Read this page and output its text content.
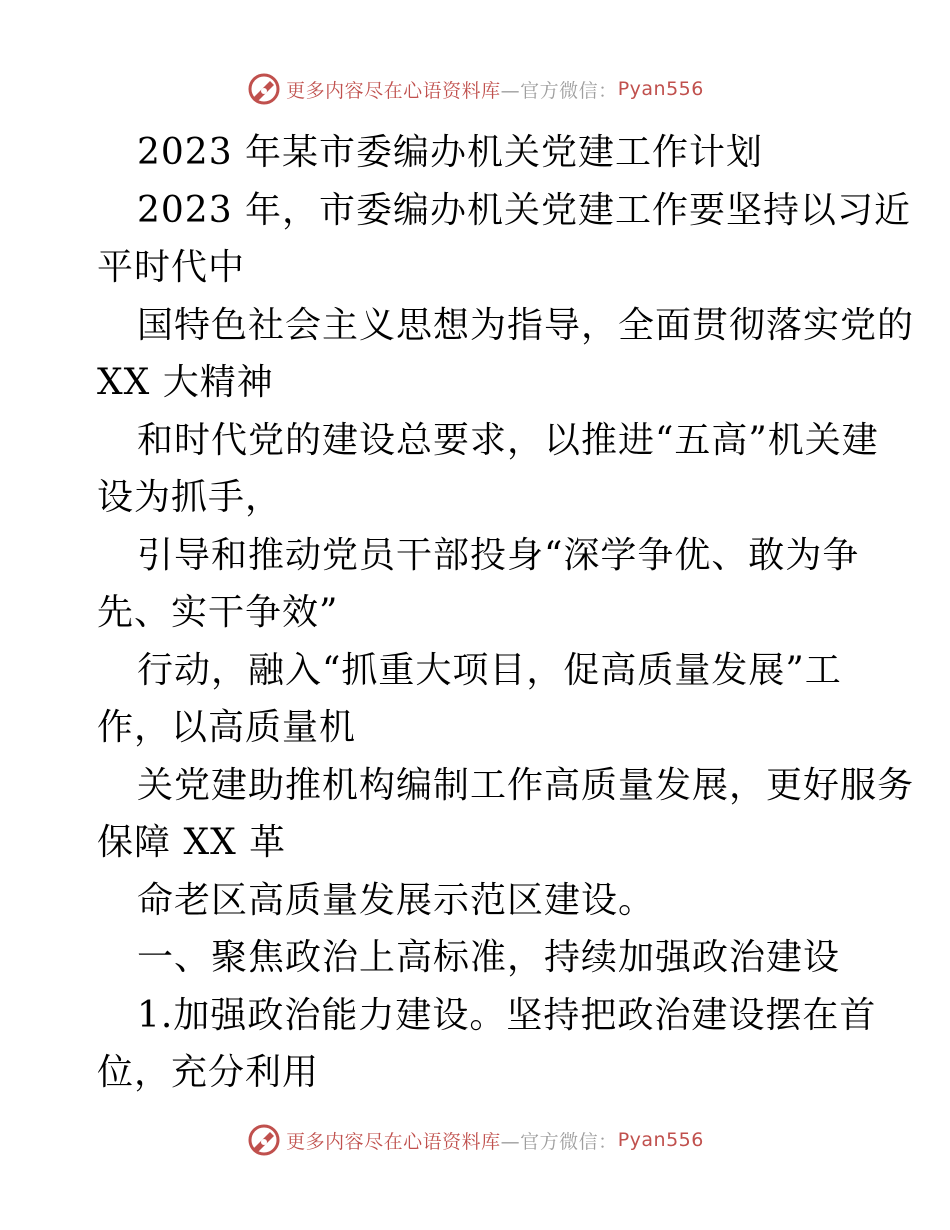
更多内容尽在心语资料库 —官方微信： Pyan556
2023 年某市委编办机关党建工作计划
2023 年，市委编办机关党建工作要坚持以习近
平时代中
国特色社会主义思想为指导，全面贯彻落实党的
XX 大精神
和时代党的建设总要求，以推进“五高”机关建
设为抓手，
引导和推动党员干部投身“深学争优、敢为争
先、实干争效”
行动，融入“抓重大项目，促高质量发展”工
作，以高质量机
关党建助推机构编制工作高质量发展，更好服务
保障 XX 革
命老区高质量发展示范区建设。
一、聚焦政治上高标准，持续加强政治建设
1.加强政治能力建设。坚持把政治建设摆在首
位，充分利用
更多内容尽在心语资料库 —官方微信： Pyan556
